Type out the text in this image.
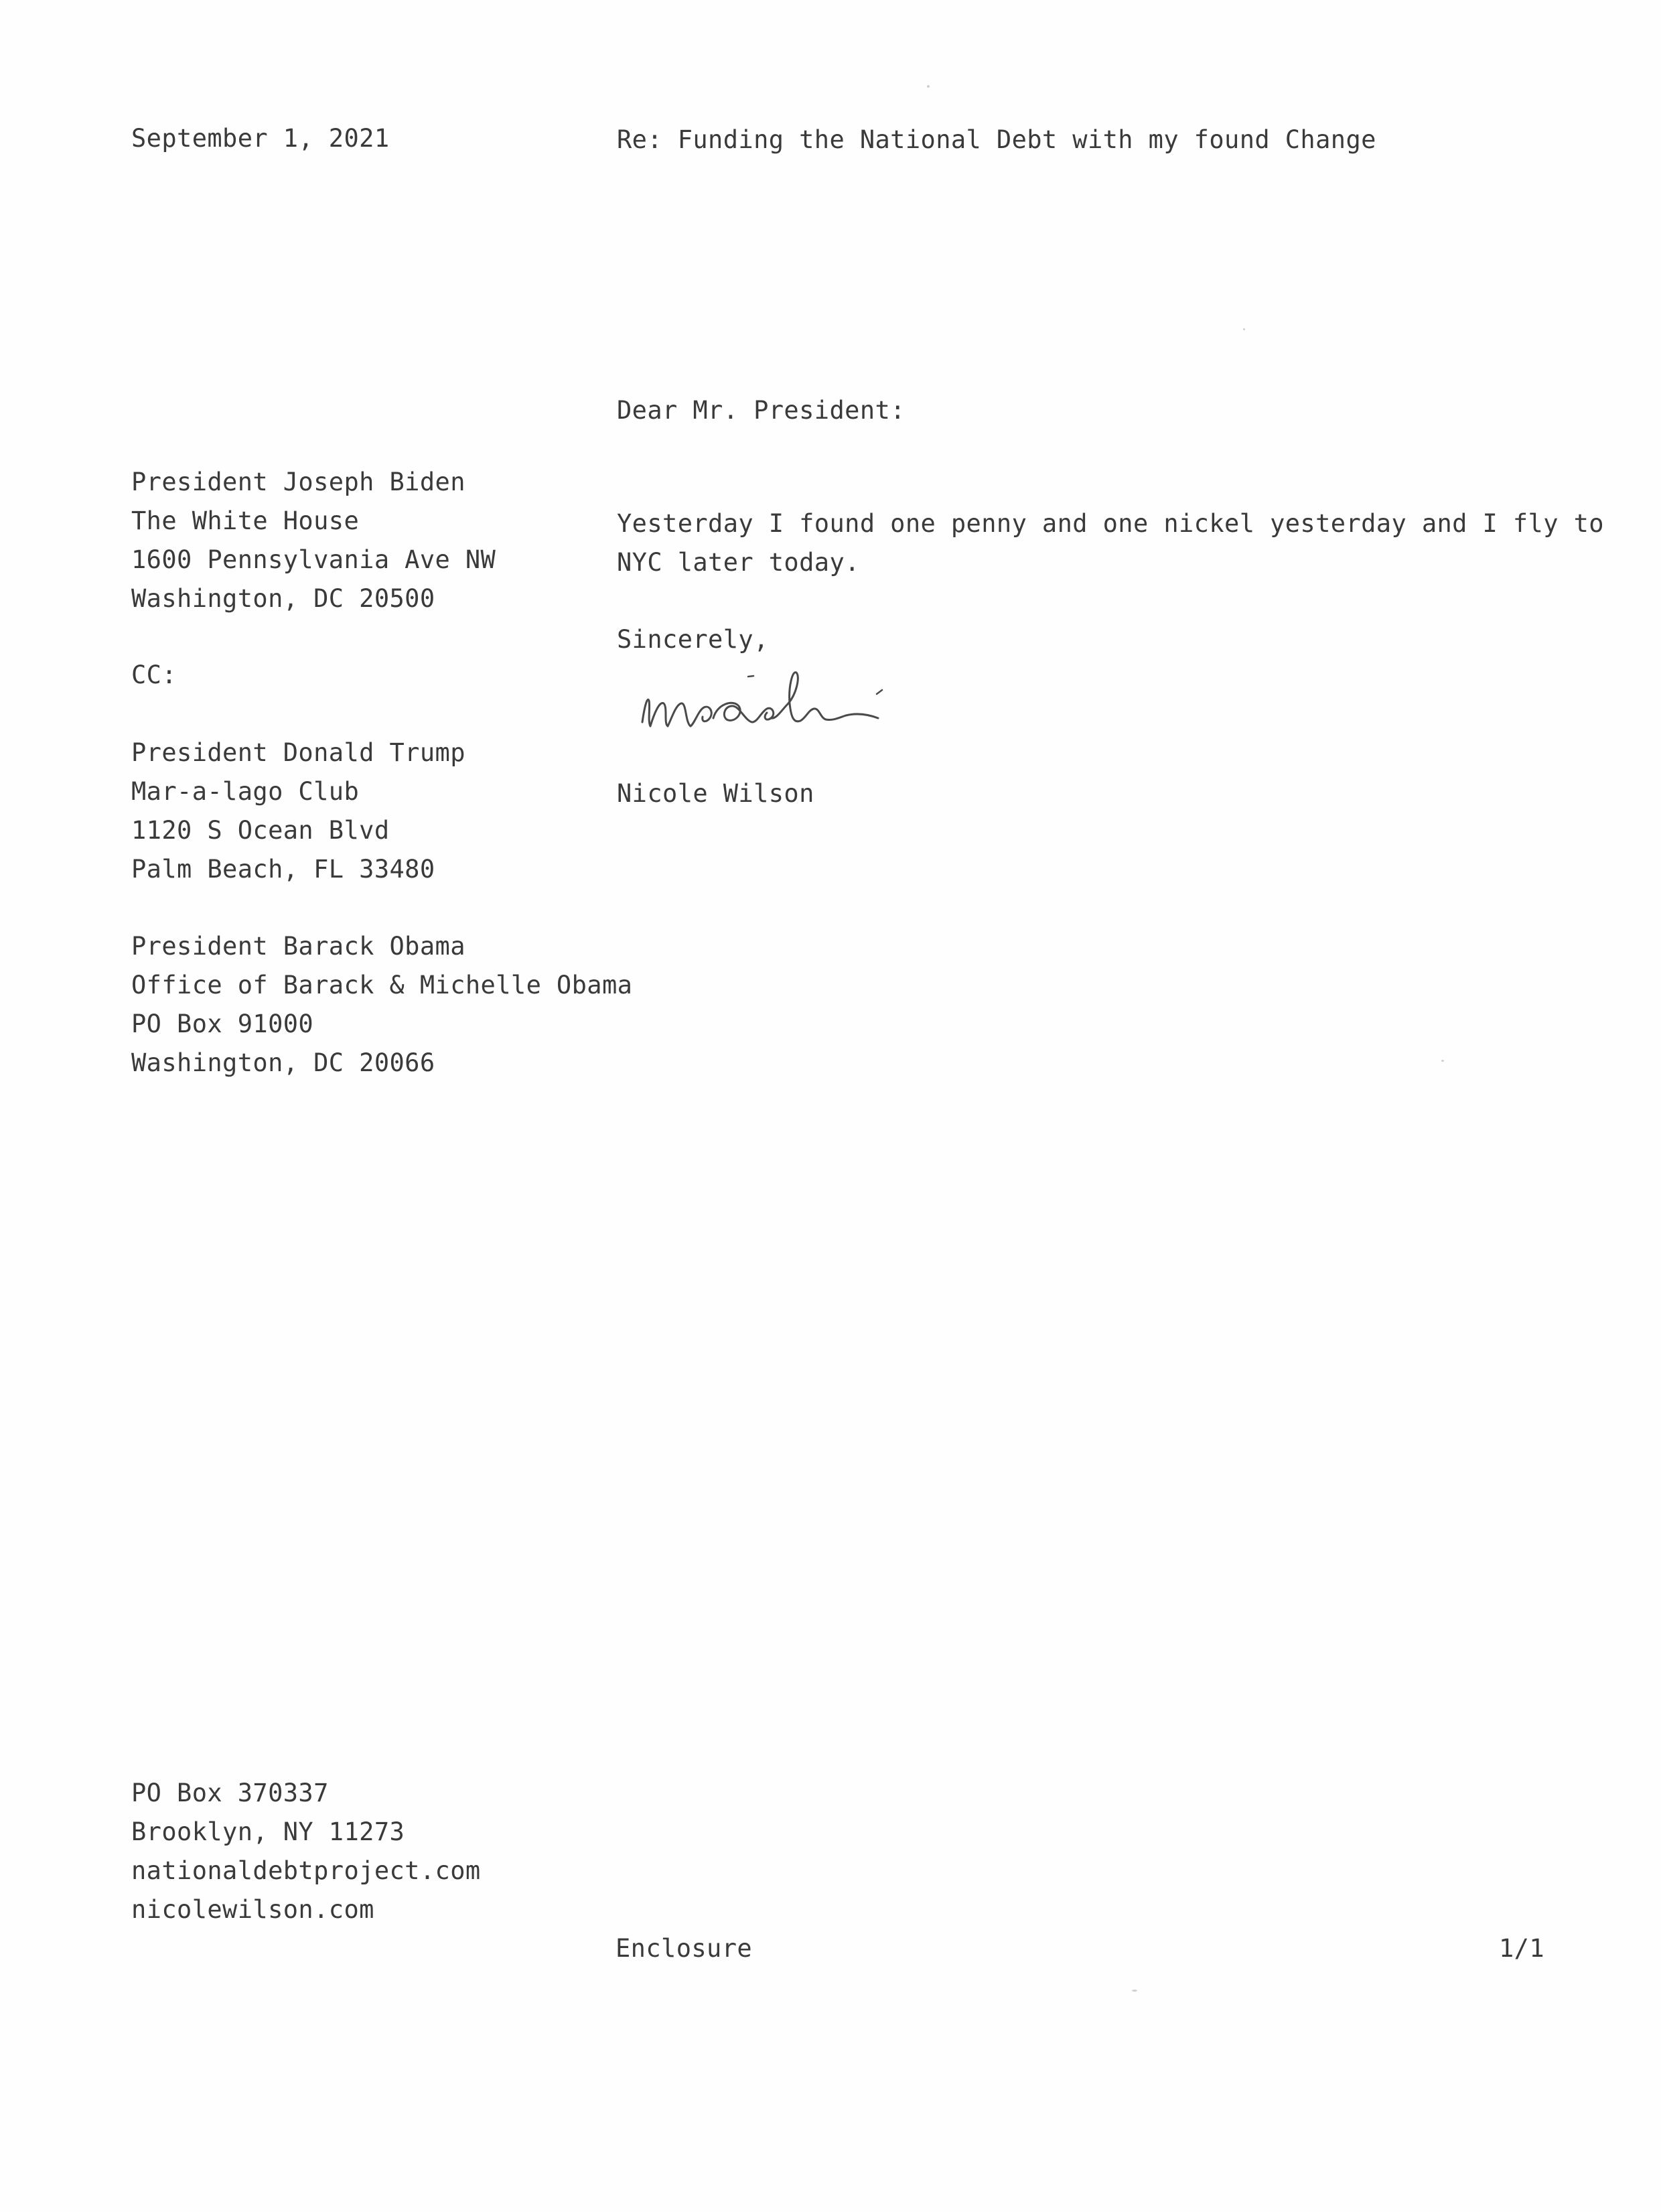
September 1, 2021	Re: Funding the National Debt with my found Change
Dear Mr. President:
President Joseph Biden
The White House
1600 Pennsylvania Ave NW
Washington, DC 20500
CC:
President Donald Trump
Mar-a-lago Club
1120 S Ocean Blvd
Palm Beach, FL 33480
President Barack Obama
Office of Barack & Michelle Obama
PO Box 91000
Washington, DC 20066
Yesterday I found one penny and one nickel yesterday and I fly to
NYC later today.
Sincerely,
Nicole Wilson
PO Box 370337
Brooklyn, NY 11273
nationaldebtproject.com
nicolewilson.com
Enclosure	1/1
